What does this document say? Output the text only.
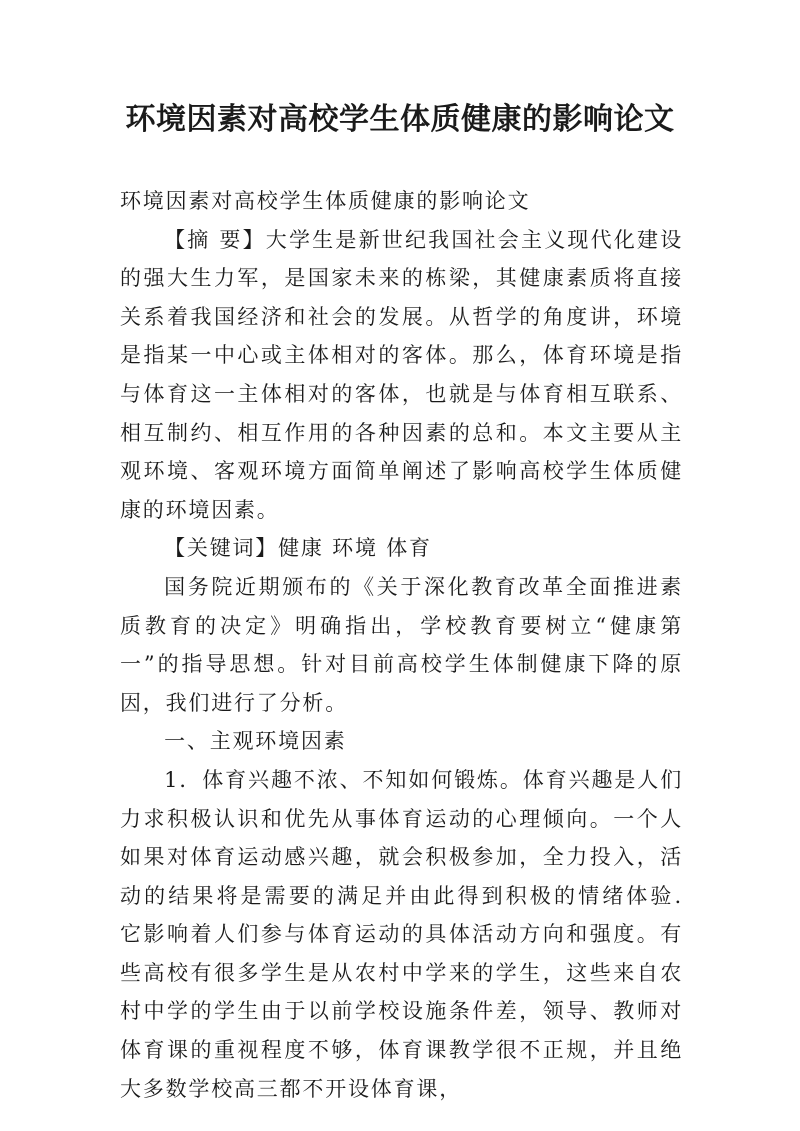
环境因素对高校学生体质健康的影响论文

环境因素对高校学生体质健康的影响论文

【摘 要】大学生是新世纪我国社会主义现代化建设的强大生力军，是国家未来的栋梁，其健康素质将直接关系着我国经济和社会的发展。从哲学的角度讲，环境是指某一中心或主体相对的客体。那么，体育环境是指与体育这一主体相对的客体，也就是与体育相互联系、相互制约、相互作用的各种因素的总和。本文主要从主观环境、客观环境方面简单阐述了影响高校学生体质健康的环境因素。

【关键词】健康 环境 体育

国务院近期颁布的《关于深化教育改革全面推进素质教育的决定》明确指出，学校教育要树立“健康第一”的指导思想。针对目前高校学生体制健康下降的原因，我们进行了分析。

一、主观环境因素

1．体育兴趣不浓、不知如何锻炼。体育兴趣是人们力求积极认识和优先从事体育运动的心理倾向。一个人如果对体育运动感兴趣，就会积极参加，全力投入，活动的结果将是需要的满足并由此得到积极的情绪体验. 它影响着人们参与体育运动的具体活动方向和强度。有些高校有很多学生是从农村中学来的学生，这些来自农村中学的学生由于以前学校设施条件差，领导、教师对体育课的重视程度不够，体育课教学很不正规，并且绝大多数学校高三都不开设体育课，
